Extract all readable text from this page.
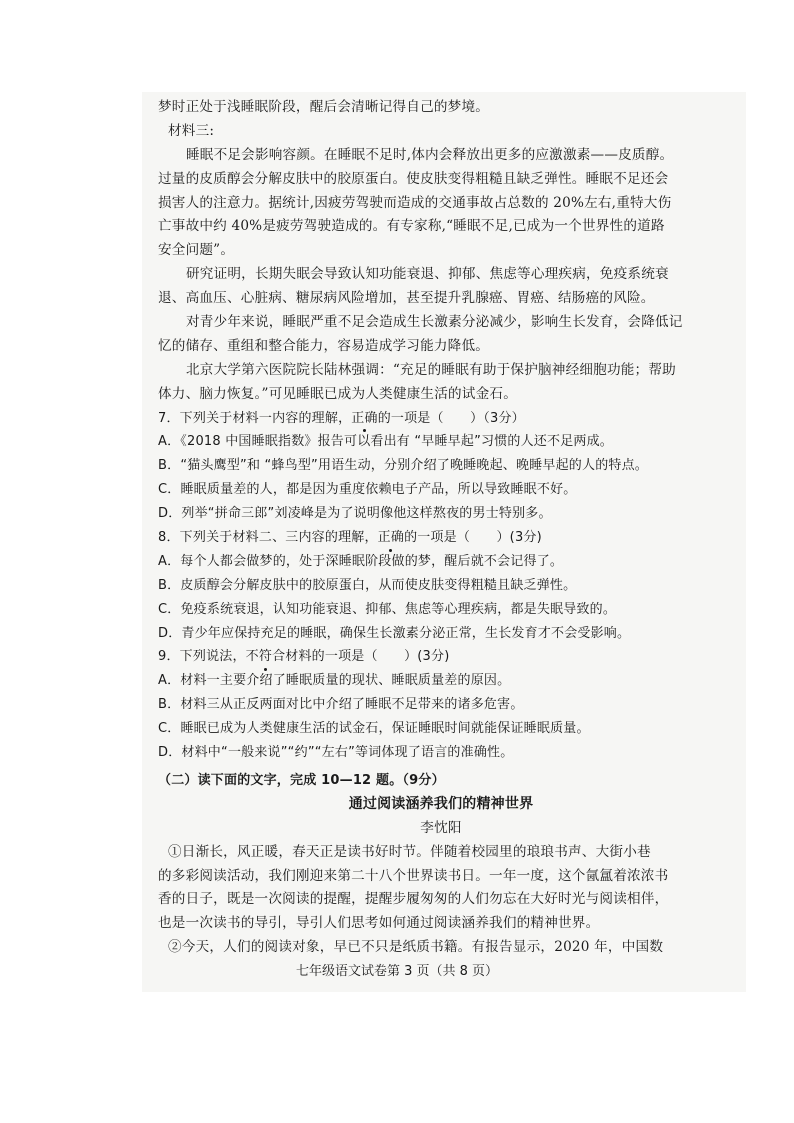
梦时正处于浅睡眠阶段，醒后会清晰记得自己的梦境。
材料三:
睡眠不足会影响容颜。在睡眠不足时,体内会释放出更多的应激激素——皮质醇。
过量的皮质醇会分解皮肤中的胶原蛋白。使皮肤变得粗糙且缺乏弹性。睡眠不足还会
损害人的注意力。据统计,因疲劳驾驶而造成的交通事故占总数的 20%左右,重特大伤
亡事故中约 40%是疲劳驾驶造成的。有专家称,“睡眠不足,已成为一个世界性的道路
安全问题”。
研究证明，长期失眠会导致认知功能衰退、抑郁、焦虑等心理疾病，免疫系统衰
退、高血压、心脏病、糖尿病风险增加，甚至提升乳腺癌、胃癌、结肠癌的风险。
对青少年来说，睡眠严重不足会造成生长激素分泌减少，影响生长发育，会降低记
忆的储存、重组和整合能力，容易造成学习能力降低。
北京大学第六医院院长陆林强调：“充足的睡眠有助于保护脑神经细胞功能；帮助
体力、脑力恢复。”可见睡眠已成为人类健康生活的试金石。
7．下列关于材料一内容的理解，正确的一项是（　　）（3分）
A．《2018 中国睡眠指数》报告可以看出有 “早睡早起”习惯的人还不足两成。
B．“猫头鹰型”和 “蜂鸟型”用语生动，分别介绍了晚睡晚起、晚睡早起的人的特点。
C．睡眠质量差的人，都是因为重度依赖电子产品，所以导致睡眠不好。
D．列举“拼命三郎”刘凌峰是为了说明像他这样熬夜的男士特别多。
8．下列关于材料二、三内容的理解，正确的一项是（　　）(3分)
A．每个人都会做梦的，处于深睡眠阶段做的梦，醒后就不会记得了。
B．皮质醇会分解皮肤中的胶原蛋白，从而使皮肤变得粗糙且缺乏弹性。
C．免疫系统衰退，认知功能衰退、抑郁、焦虑等心理疾病，都是失眠导致的。
D．青少年应保持充足的睡眠，确保生长激素分泌正常，生长发育才不会受影响。
9．下列说法，不符合材料的一项是（　　）(3分)
A．材料一主要介绍了睡眠质量的现状、睡眠质量差的原因。
B．材料三从正反两面对比中介绍了睡眠不足带来的诸多危害。
C．睡眠已成为人类健康生活的试金石，保证睡眠时间就能保证睡眠质量。
D．材料中“一般来说”“约”“左右”等词体现了语言的准确性。
（二）读下面的文字，完成 10—12 题。（9分）
通过阅读涵养我们的精神世界
李忱阳
①日渐长，风正暖，春天正是读书好时节。伴随着校园里的琅琅书声、大街小巷
的多彩阅读活动，我们刚迎来第二十八个世界读书日。一年一度，这个氤氲着浓浓书
香的日子，既是一次阅读的提醒，提醒步履匆匆的人们勿忘在大好时光与阅读相伴，
也是一次读书的导引，导引人们思考如何通过阅读涵养我们的精神世界。
②今天，人们的阅读对象，早已不只是纸质书籍。有报告显示，2020 年，中国数
七年级语文试卷第 3 页（共 8 页）
